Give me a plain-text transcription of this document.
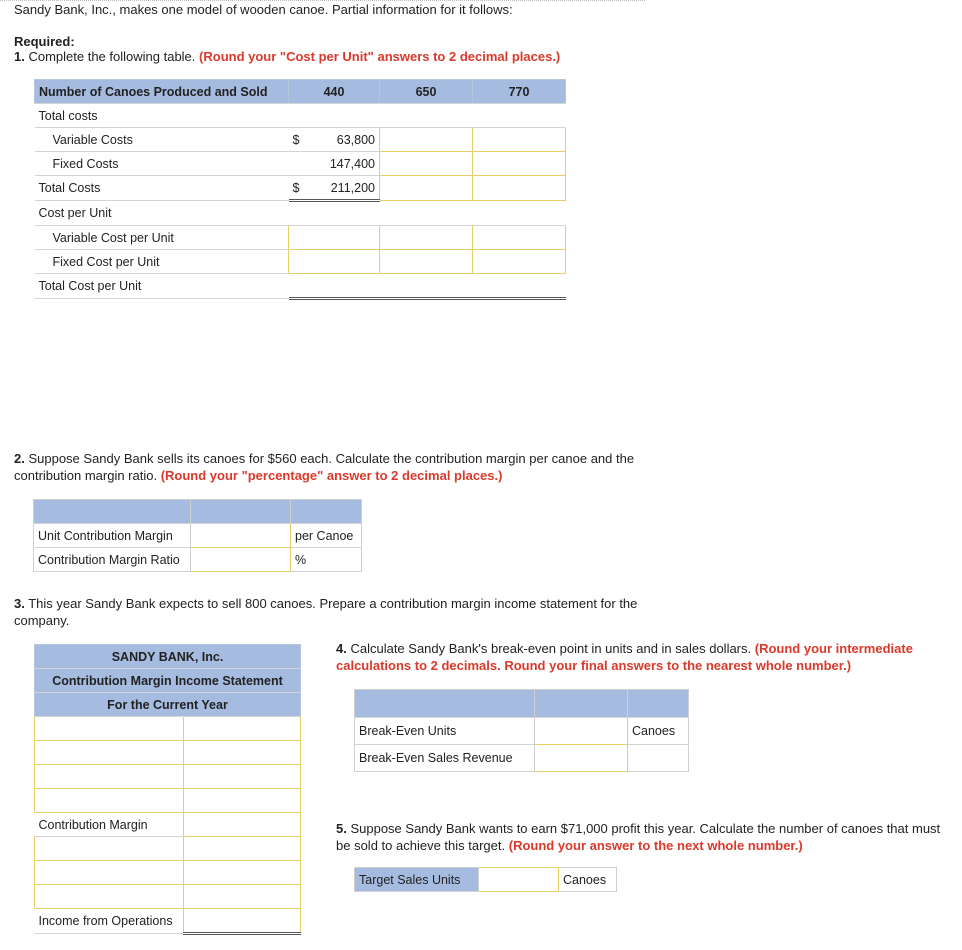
Sandy Bank, Inc., makes one model of wooden canoe. Partial information for it follows:

Required:

1. Complete the following table. (Round your "Cost per Unit" answers to 2 decimal places.)

Number of Canoes Produced and Sold	440	650	770
Total costs			
Variable Costs	$ 63,800		
Fixed Costs	147,400		
Total Costs	$ 211,200		
Cost per Unit			
Variable Cost per Unit			
Fixed Cost per Unit			
Total Cost per Unit			

2. Suppose Sandy Bank sells its canoes for $560 each. Calculate the contribution margin per canoe and the contribution margin ratio. (Round your "percentage" answer to 2 decimal places.)

Unit Contribution Margin		per Canoe
Contribution Margin Ratio		%

3. This year Sandy Bank expects to sell 800 canoes. Prepare a contribution margin income statement for the company.

SANDY BANK, Inc.	
Contribution Margin Income Statement	
For the Current Year	

Contribution Margin	

Income from Operations	

4. Calculate Sandy Bank's break-even point in units and in sales dollars. (Round your intermediate calculations to 2 decimals. Round your final answers to the nearest whole number.)

Break-Even Units		Canoes
Break-Even Sales Revenue		

5. Suppose Sandy Bank wants to earn $71,000 profit this year. Calculate the number of canoes that must be sold to achieve this target. (Round your answer to the next whole number.)

Target Sales Units		Canoes
